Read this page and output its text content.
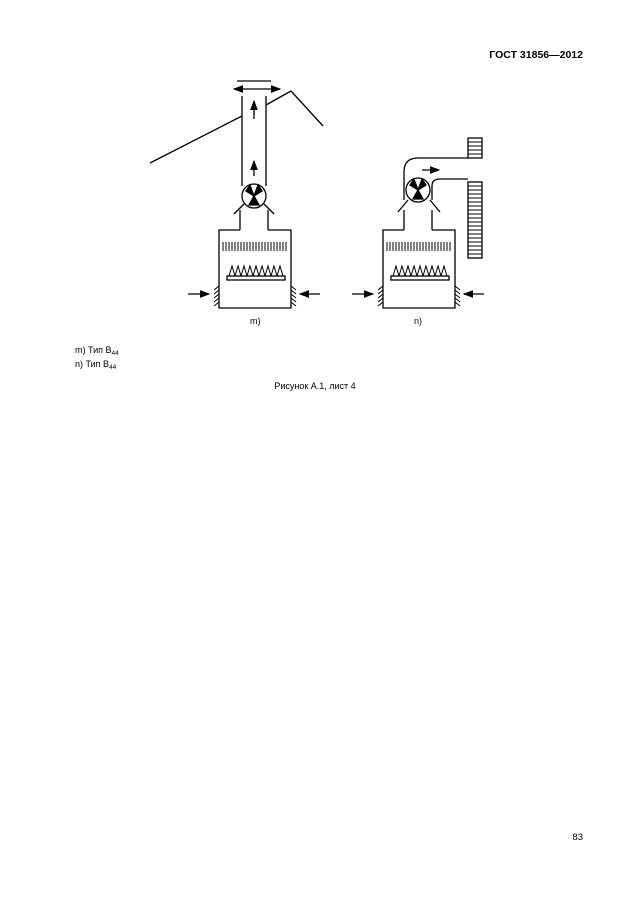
ГОСТ 31856—2012
m)	n)
m) Тип $В_{44}$
n) Тип $В_{44}$
Рисунок А.1, лист 4
83
